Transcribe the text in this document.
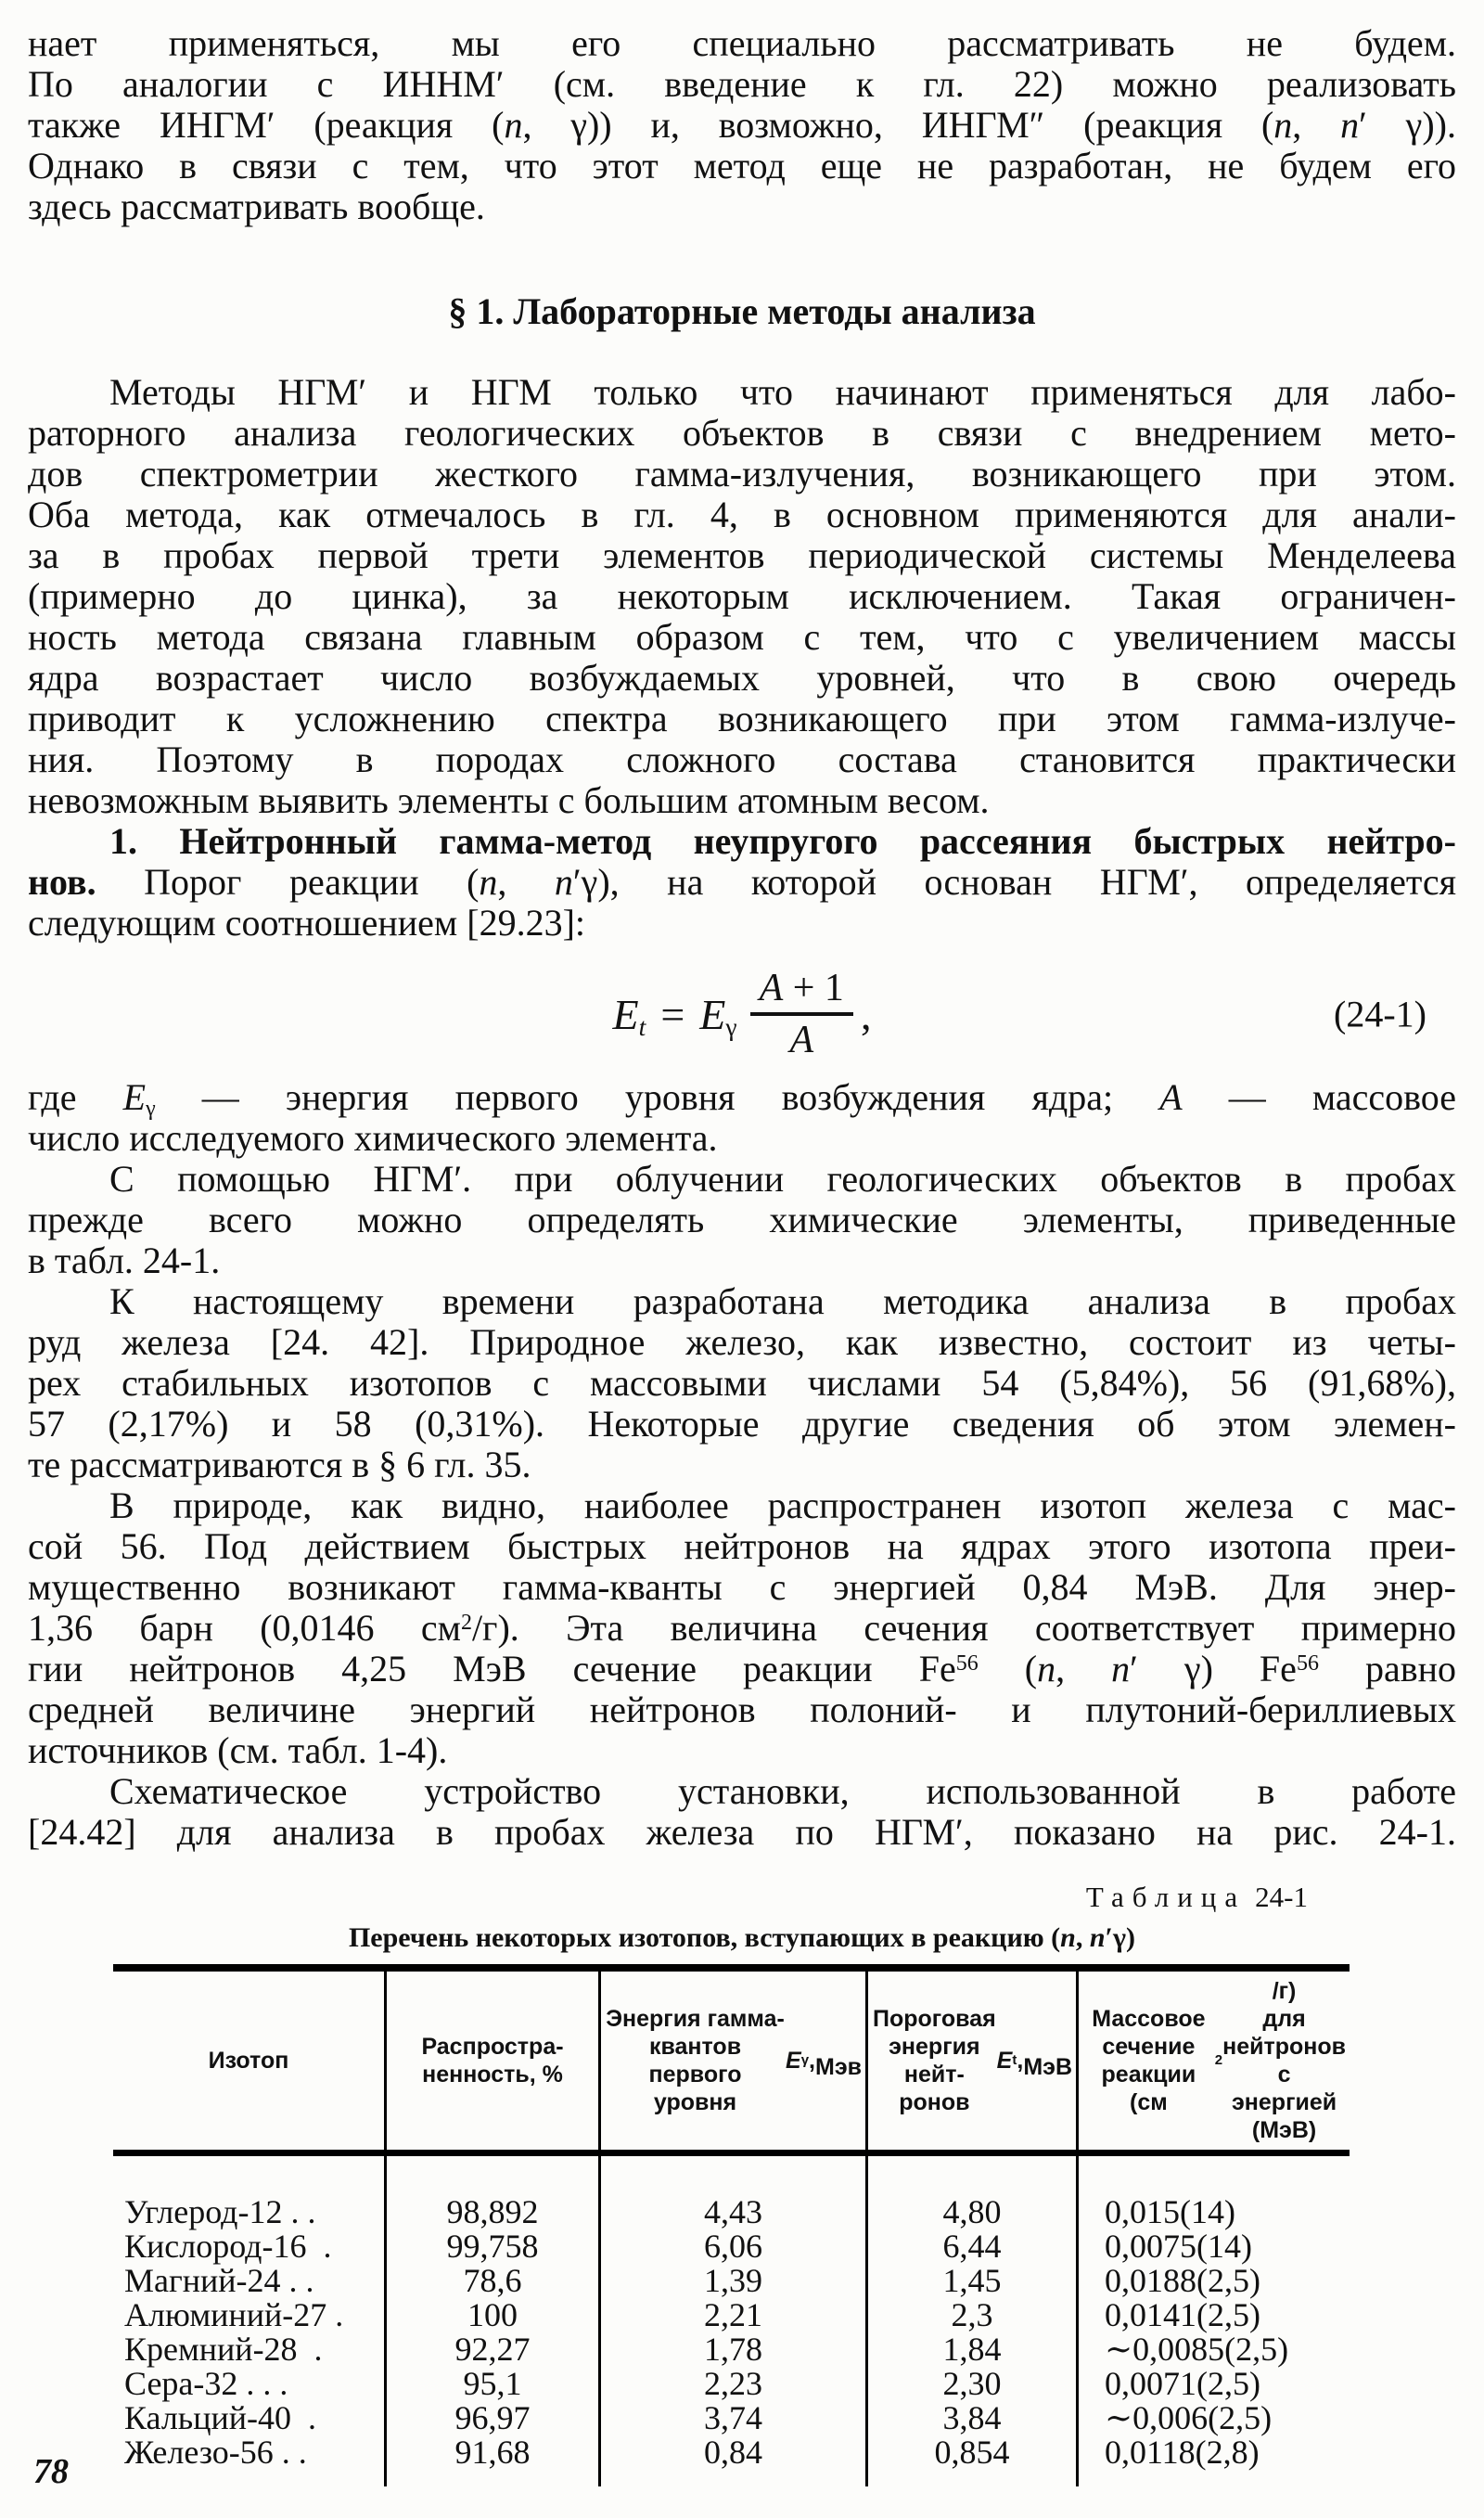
нает применяться, мы его специально рассматривать не будем.
По аналогии с ИННМ′ (см. введение к гл. 22) можно реализовать
также ИНГМ′ (реакция (n, γ)) и, возможно, ИНГМ″ (реакция (n, n′ γ)).
Однако в связи с тем, что этот метод еще не разработан, не будем его
здесь рассматривать вообще.
§ 1. Лабораторные методы анализа
Методы НГМ′ и НГМ только что начинают применяться для лабо-
раторного анализа геологических объектов в связи с внедрением мето-
дов спектрометрии жесткого гамма-излучения, возникающего при этом.
Оба метода, как отмечалось в гл. 4, в основном применяются для анали-
за в пробах первой трети элементов периодической системы Менделеева
(примерно до цинка), за некоторым исключением. Такая ограничен-
ность метода связана главным образом с тем, что с увеличением массы
ядра возрастает число возбуждаемых уровней, что в свою очередь
приводит к усложнению спектра возникающего при этом гамма-излуче-
ния. Поэтому в породах сложного состава становится практически
невозможным выявить элементы с большим атомным весом.
1. Нейтронный гамма-метод неупругого рассеяния быстрых нейтро-
нов. Порог реакции (n, n′γ), на которой основан НГМ′, определяется
следующим соотношением [29.23]:
$E_t = E_\gamma \frac{A + 1}{A}$ ,	(24-1)
где $E_\gamma$ — энергия первого уровня возбуждения ядра; A — массовое
число исследуемого химического элемента.
С помощью НГМ′. при облучении геологических объектов в пробах
прежде всего можно определять химические элементы, приведенные
в табл. 24-1.
К настоящему времени разработана методика анализа в пробах
руд железа [24. 42]. Природное железо, как известно, состоит из четы-
рех стабильных изотопов с массовыми числами 54 (5,84%), 56 (91,68%),
57 (2,17%) и 58 (0,31%). Некоторые другие сведения об этом элемен-
те рассматриваются в § 6 гл. 35.
В природе, как видно, наиболее распространен изотоп железа с мас-
сой 56. Под действием быстрых нейтронов на ядрах этого изотопа преи-
мущественно возникают гамма-кванты с энергией 0,84 МэВ. Для энер-
1,36 барн (0,0146 $см^2/г$). Эта величина сечения соответствует примерно
гии нейтронов 4,25 МэВ сечение реакции Fe$^{56}$ (n, n′ γ) Fe$^{56}$ равно
средней величине энергий нейтронов полоний- и плутоний-бериллиевых
источников (см. табл. 1-4).
Схематическое устройство установки, использованной в работе
[24.42] для анализа в пробах железа по НГМ′, показано на рис. 24-1.
Таблица 24-1
Перечень некоторых изотопов, вступающих в реакцию (n, n′γ)
Изотоп
Распростра-
ненность, %
Энергия гамма-
квантов первого
уровня
E γ , Мэв
Пороговая
энергия нейт-
ронов
E t , МэВ
Массовое сечение
реакции (см
2
/г)
для нейтронов с
энергией (МэВ)
Углерод-12 . .
Кислород-16  .
Магний-24 . .
Алюминий-27 .
Кремний-28  .
Сера-32 . . .
Кальций-40  .
Железо-56 . .
98,892
99,758
78,6
100
92,27
95,1
96,97
91,68
4,43
6,06
1,39
2,21
1,78
2,23
3,74
0,84
4,80
6,44
1,45
2,3
1,84
2,30
3,84
0,854
0,015(14)
0,0075(14)
0,0188(2,5)
0,0141(2,5)
∼0,0085(2,5)
0,0071(2,5)
∼0,006(2,5)
0,0118(2,8)
78
